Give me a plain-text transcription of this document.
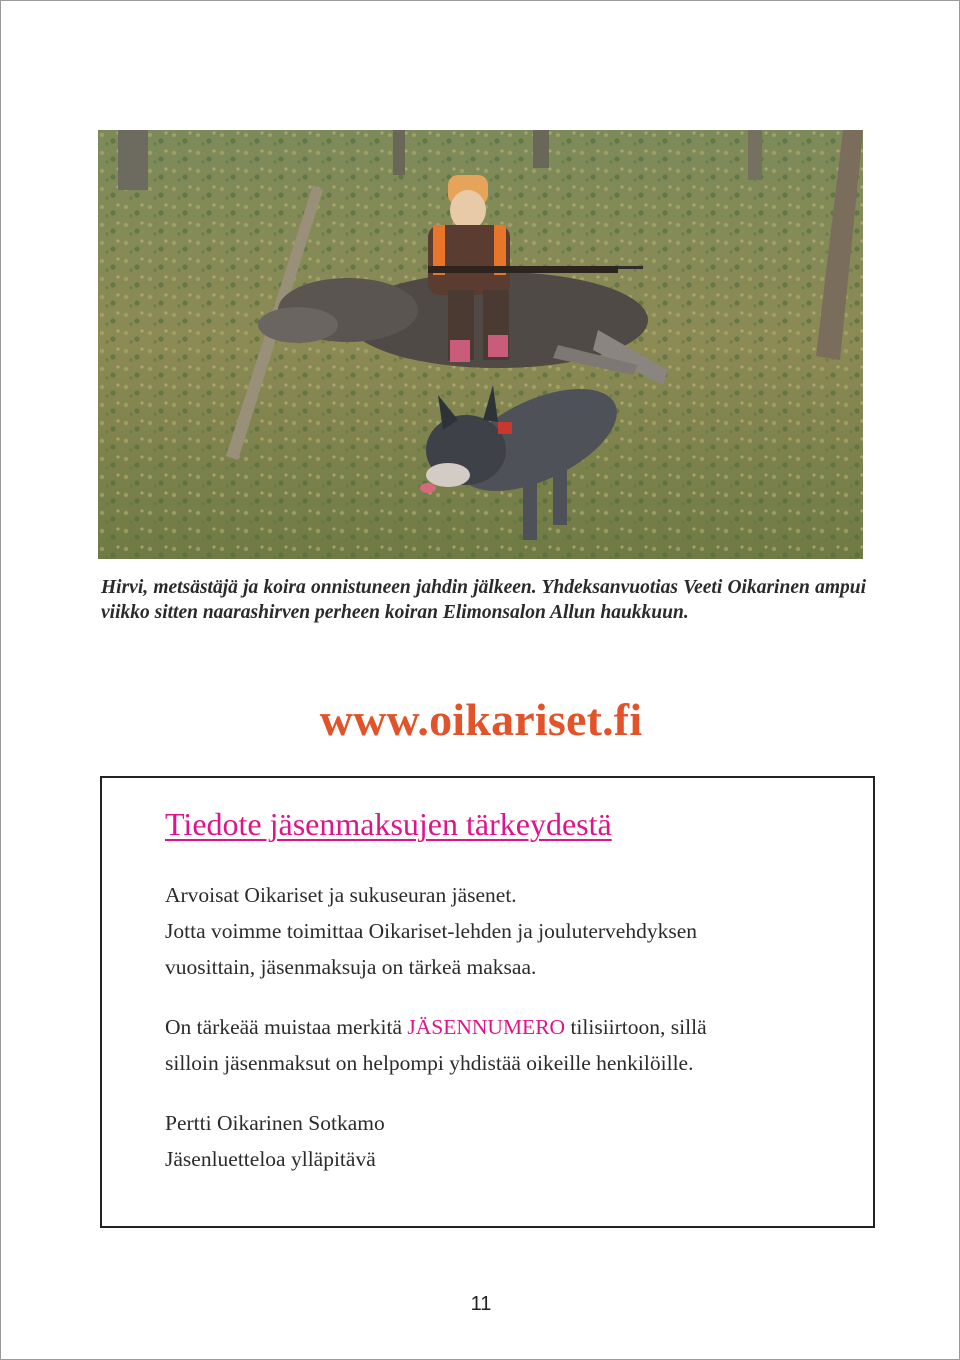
Hirvi, metsästäjä ja koira onnistuneen jahdin jälkeen. Yhdeksanvuotias Veeti Oikarinen ampui viikko sitten naarashirven perheen koiran Elimonsalon Allun haukkuun.
www.oikariset.fi
Tiedote jäsenmaksujen tärkeydestä

Arvoisat Oikariset ja sukuseuran jäsenet.

Jotta voimme toimittaa Oikariset-lehden ja joulutervehdyksen

vuosittain, jäsenmaksuja on tärkeä maksaa.

On tärkeää muistaa merkitä JÄSENNUMERO tilisiirtoon, sillä

silloin jäsenmaksut on helpompi yhdistää oikeille henkilöille.

Pertti Oikarinen Sotkamo

Jäsenluetteloa ylläpitävä

11
